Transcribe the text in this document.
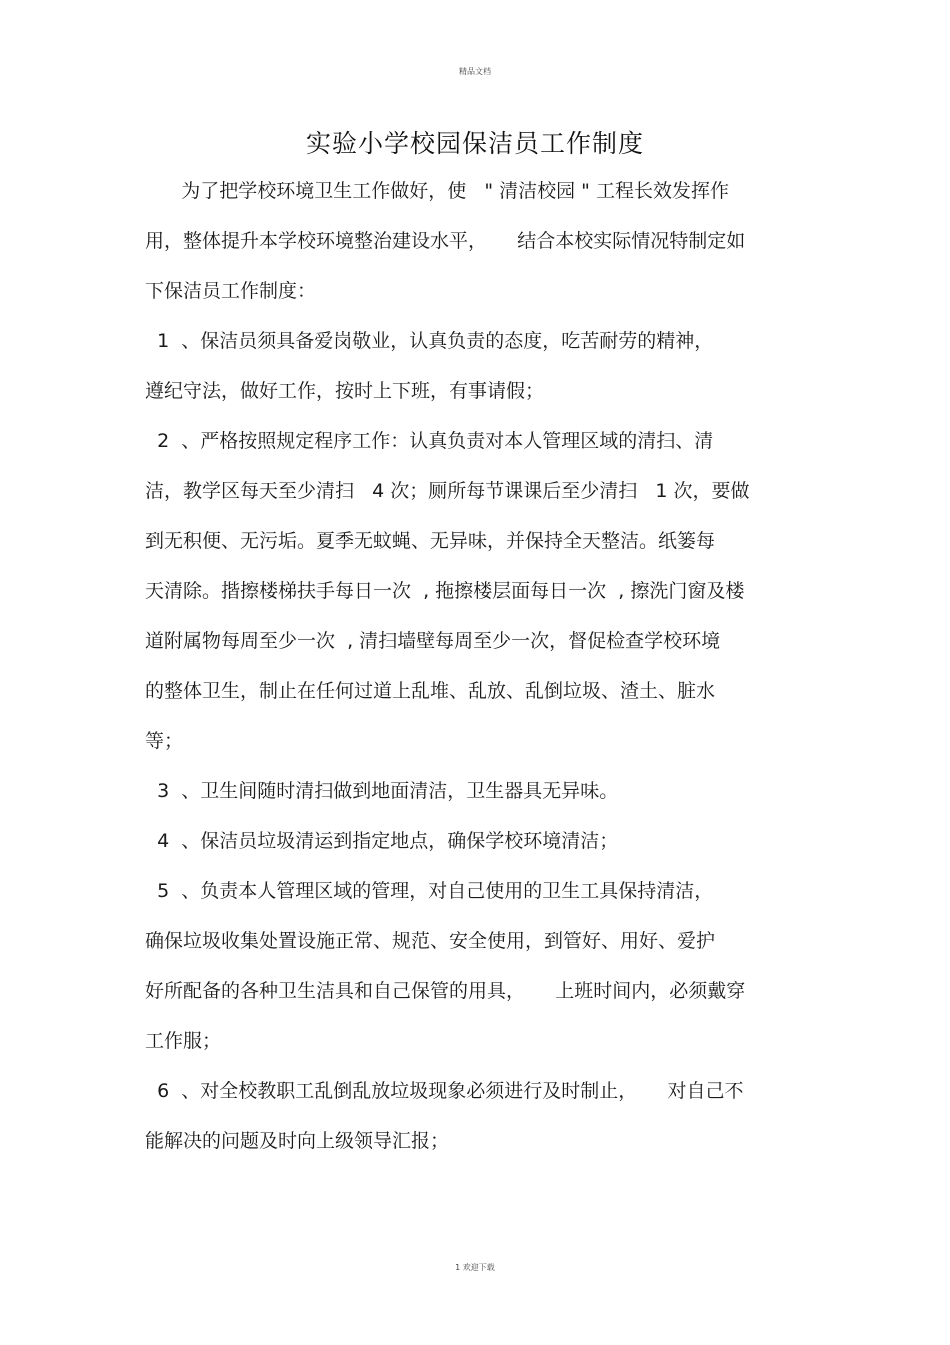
精品文档
实验小学校园保洁员工作制度
为了把学校环境卫生工作做好，使   " 清洁校园 " 工程长效发挥作
用，整体提升本学校环境整治建设水平，     结合本校实际情况特制定如
下保洁员工作制度：
1  、保洁员须具备爱岗敬业，认真负责的态度，吃苦耐劳的精神，
遵纪守法，做好工作，按时上下班，有事请假；
2  、严格按照规定程序工作：认真负责对本人管理区域的清扫、清
洁，教学区每天至少清扫   4 次；厕所每节课课后至少清扫   1 次，要做
到无积便、无污垢。夏季无蚊蝇、无异味，并保持全天整洁。纸篓每
天清除。揩擦楼梯扶手每日一次  , 拖擦楼层面每日一次  , 擦洗门窗及楼
道附属物每周至少一次  , 清扫墙壁每周至少一次，督促检查学校环境
的整体卫生，制止在任何过道上乱堆、乱放、乱倒垃圾、渣土、脏水
等；
3  、卫生间随时清扫做到地面清洁，卫生器具无异味。
4  、保洁员垃圾清运到指定地点，确保学校环境清洁；
5  、负责本人管理区域的管理，对自己使用的卫生工具保持清洁，
确保垃圾收集处置设施正常、规范、安全使用，到管好、用好、爱护
好所配备的各种卫生洁具和自己保管的用具，     上班时间内，必须戴穿
工作服；
6  、对全校教职工乱倒乱放垃圾现象必须进行及时制止，     对自己不
能解决的问题及时向上级领导汇报；
1 欢迎下载
